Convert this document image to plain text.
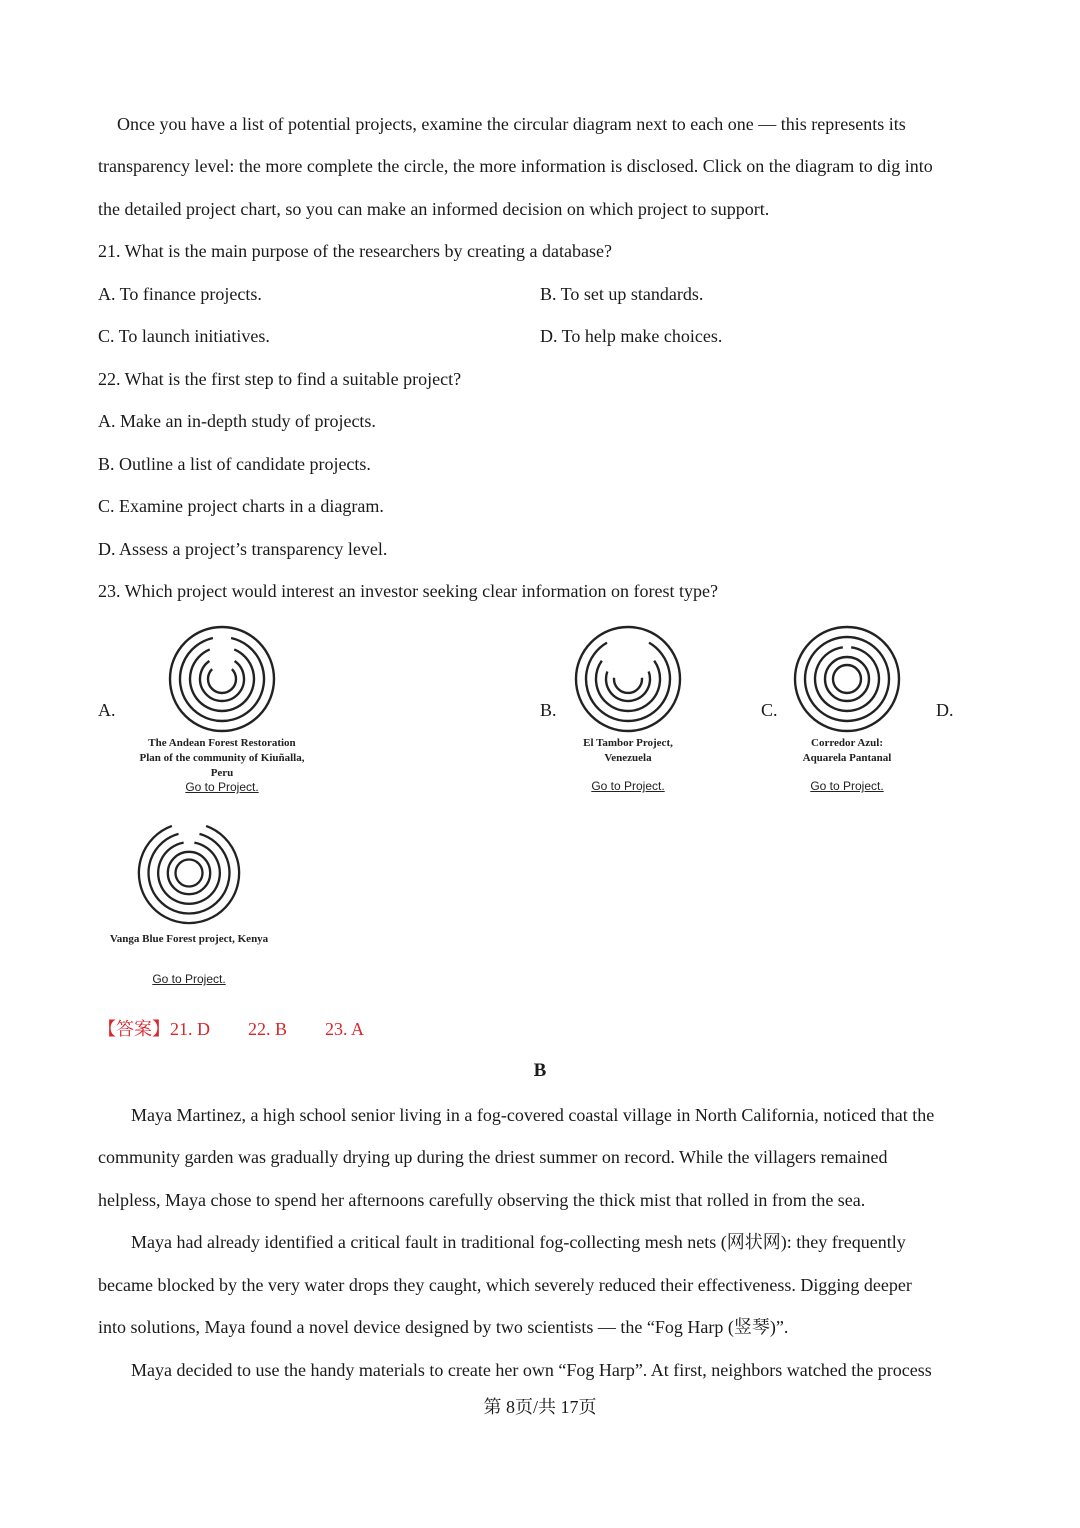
Once you have a list of potential projects, examine the circular diagram next to each one — this represents its
transparency level: the more complete the circle, the more information is disclosed. Click on the diagram to dig into
the detailed project chart, so you can make an informed decision on which project to support.
21. What is the main purpose of the researchers by creating a database?
A. To finance projects.	B. To set up standards.
C. To launch initiatives.	D. To help make choices.
22. What is the first step to find a suitable project?
A. Make an in-depth study of projects.
B. Outline a list of candidate projects.
C. Examine project charts in a diagram.
D. Assess a project’s transparency level.
23. Which project would interest an investor seeking clear information on forest type?
A.	B.	C.	D.
The Andean Forest Restoration
Plan of the community of Kiuñalla,
Peru
Go to Project.
El Tambor Project,
Venezuela
Go to Project.
Corredor Azul:
Aquarela Pantanal
Go to Project.
Vanga Blue Forest project, Kenya
Go to Project.
【答案】21. D 22. B 23. A
B
Maya Martinez, a high school senior living in a fog-covered coastal village in North California, noticed that the
community garden was gradually drying up during the driest summer on record. While the villagers remained
helpless, Maya chose to spend her afternoons carefully observing the thick mist that rolled in from the sea.
Maya had already identified a critical fault in traditional fog-collecting mesh nets (网状网): they frequently
became blocked by the very water drops they caught, which severely reduced their effectiveness. Digging deeper
into solutions, Maya found a novel device designed by two scientists — the “Fog Harp (竖琴)”.
Maya decided to use the handy materials to create her own “Fog Harp”. At first, neighbors watched the process
第 8页/共 17页
